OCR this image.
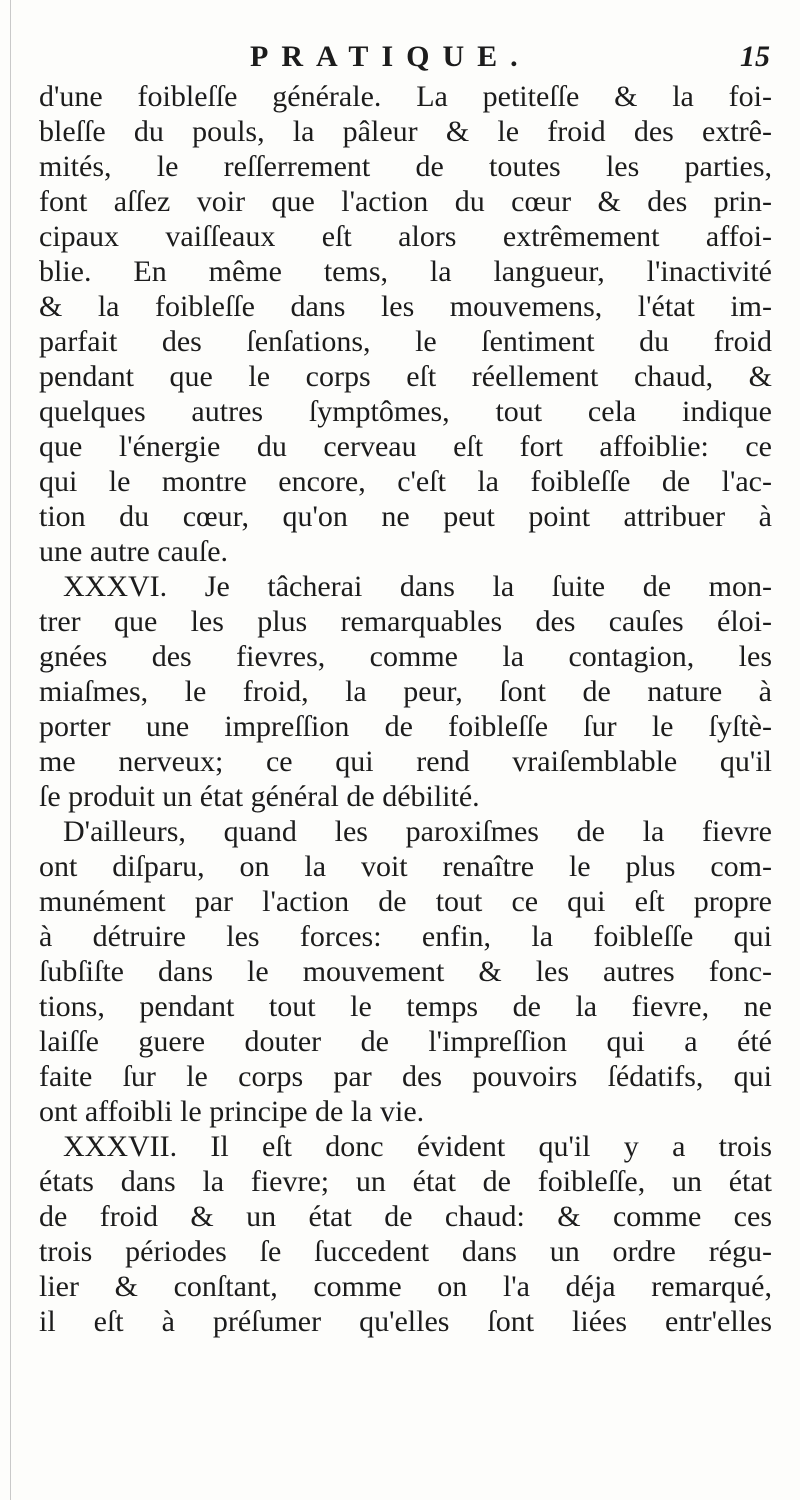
PRATIQUE.	15
d'une foibleſſe générale. La petiteſſe & la foi-
bleſſe du pouls, la pâleur & le froid des extrê-
mités, le reſſerrement de toutes les parties,
font aſſez voir que l'action du cœur & des prin-
cipaux vaiſſeaux eſt alors extrêmement affoi-
blie. En même tems, la langueur, l'inactivité
& la foibleſſe dans les mouvemens, l'état im-
parfait des ſenſations, le ſentiment du froid
pendant que le corps eſt réellement chaud, &
quelques autres ſymptômes, tout cela indique
que l'énergie du cerveau eſt fort affoiblie: ce
qui le montre encore, c'eſt la foibleſſe de l'ac-
tion du cœur, qu'on ne peut point attribuer à
une autre cauſe.
XXXVI. Je tâcherai dans la ſuite de mon-
trer que les plus remarquables des cauſes éloi-
gnées des fievres, comme la contagion, les
miaſmes, le froid, la peur, ſont de nature à
porter une impreſſion de foibleſſe ſur le ſyſtè-
me nerveux; ce qui rend vraiſemblable qu'il
ſe produit un état général de débilité.
D'ailleurs, quand les paroxiſmes de la fievre
ont diſparu, on la voit renaître le plus com-
munément par l'action de tout ce qui eſt propre
à détruire les forces: enfin, la foibleſſe qui
ſubſiſte dans le mouvement & les autres fonc-
tions, pendant tout le temps de la fievre, ne
laiſſe guere douter de l'impreſſion qui a été
faite ſur le corps par des pouvoirs ſédatifs, qui
ont affoibli le principe de la vie.
XXXVII. Il eſt donc évident qu'il y a trois
états dans la fievre; un état de foibleſſe, un état
de froid & un état de chaud: & comme ces
trois périodes ſe ſuccedent dans un ordre régu-
lier & conſtant, comme on l'a déja remarqué,
il eſt à préſumer qu'elles ſont liées entr'elles
